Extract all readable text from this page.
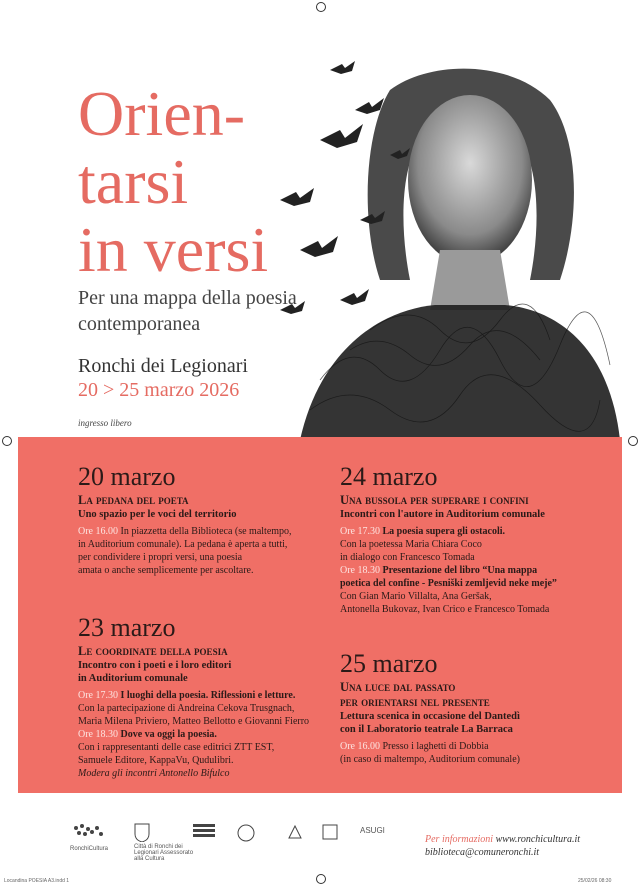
Orien-
tarsi
in versi
Per una mappa della poesia
contemporanea
Ronchi dei Legionari
20 > 25 marzo 2026
ingresso libero
20 marzo
La pedana del poeta
Uno spazio per le voci del territorio
Ore 16.00 In piazzetta della Biblioteca (se maltempo,
in Auditorium comunale). La pedana è aperta a tutti,
per condividere i propri versi, una poesia
amata o anche semplicemente per ascoltare.
23 marzo
Le coordinate della poesia
Incontro con i poeti e i loro editori
in Auditorium comunale
Ore 17.30 I luoghi della poesia. Riflessioni e letture.
Con la partecipazione di Andreina Cekova Trusgnach,
Maria Milena Priviero, Matteo Bellotto e Giovanni Fierro
Ore 18.30 Dove va oggi la poesia.
Con i rappresentanti delle case editrici ZTT EST,
Samuele Editore, KappaVu, Qudulibri.
Modera gli incontri Antonello Bifulco
24 marzo
Una bussola per superare i confini
Incontri con l'autore in Auditorium comunale
Ore 17.30 La poesia supera gli ostacoli.
Con la poetessa Maria Chiara Coco
in dialogo con Francesco Tomada
Ore 18.30 Presentazione del libro “Una mappa
poetica del confine - Pesniški zemljevid neke meje”
Con Gian Mario Villalta, Ana Geršak,
Antonella Bukovaz, Ivan Crico e Francesco Tomada
25 marzo
Una luce dal passato
per orientarsi nel presente
Lettura scenica in occasione del Dantedì
con il Laboratorio teatrale La Barraca
Ore 16.00 Presso i laghetti di Dobbia
(in caso di maltempo, Auditorium comunale)
RonchiCultura	Città di Ronchi dei Legionari Assessorato alla Cultura
ASUGI
Per informazioni www.ronchicultura.it
biblioteca@comuneronchi.it
Locandina POESIA A3.indd 1	25/02/26 08:30
